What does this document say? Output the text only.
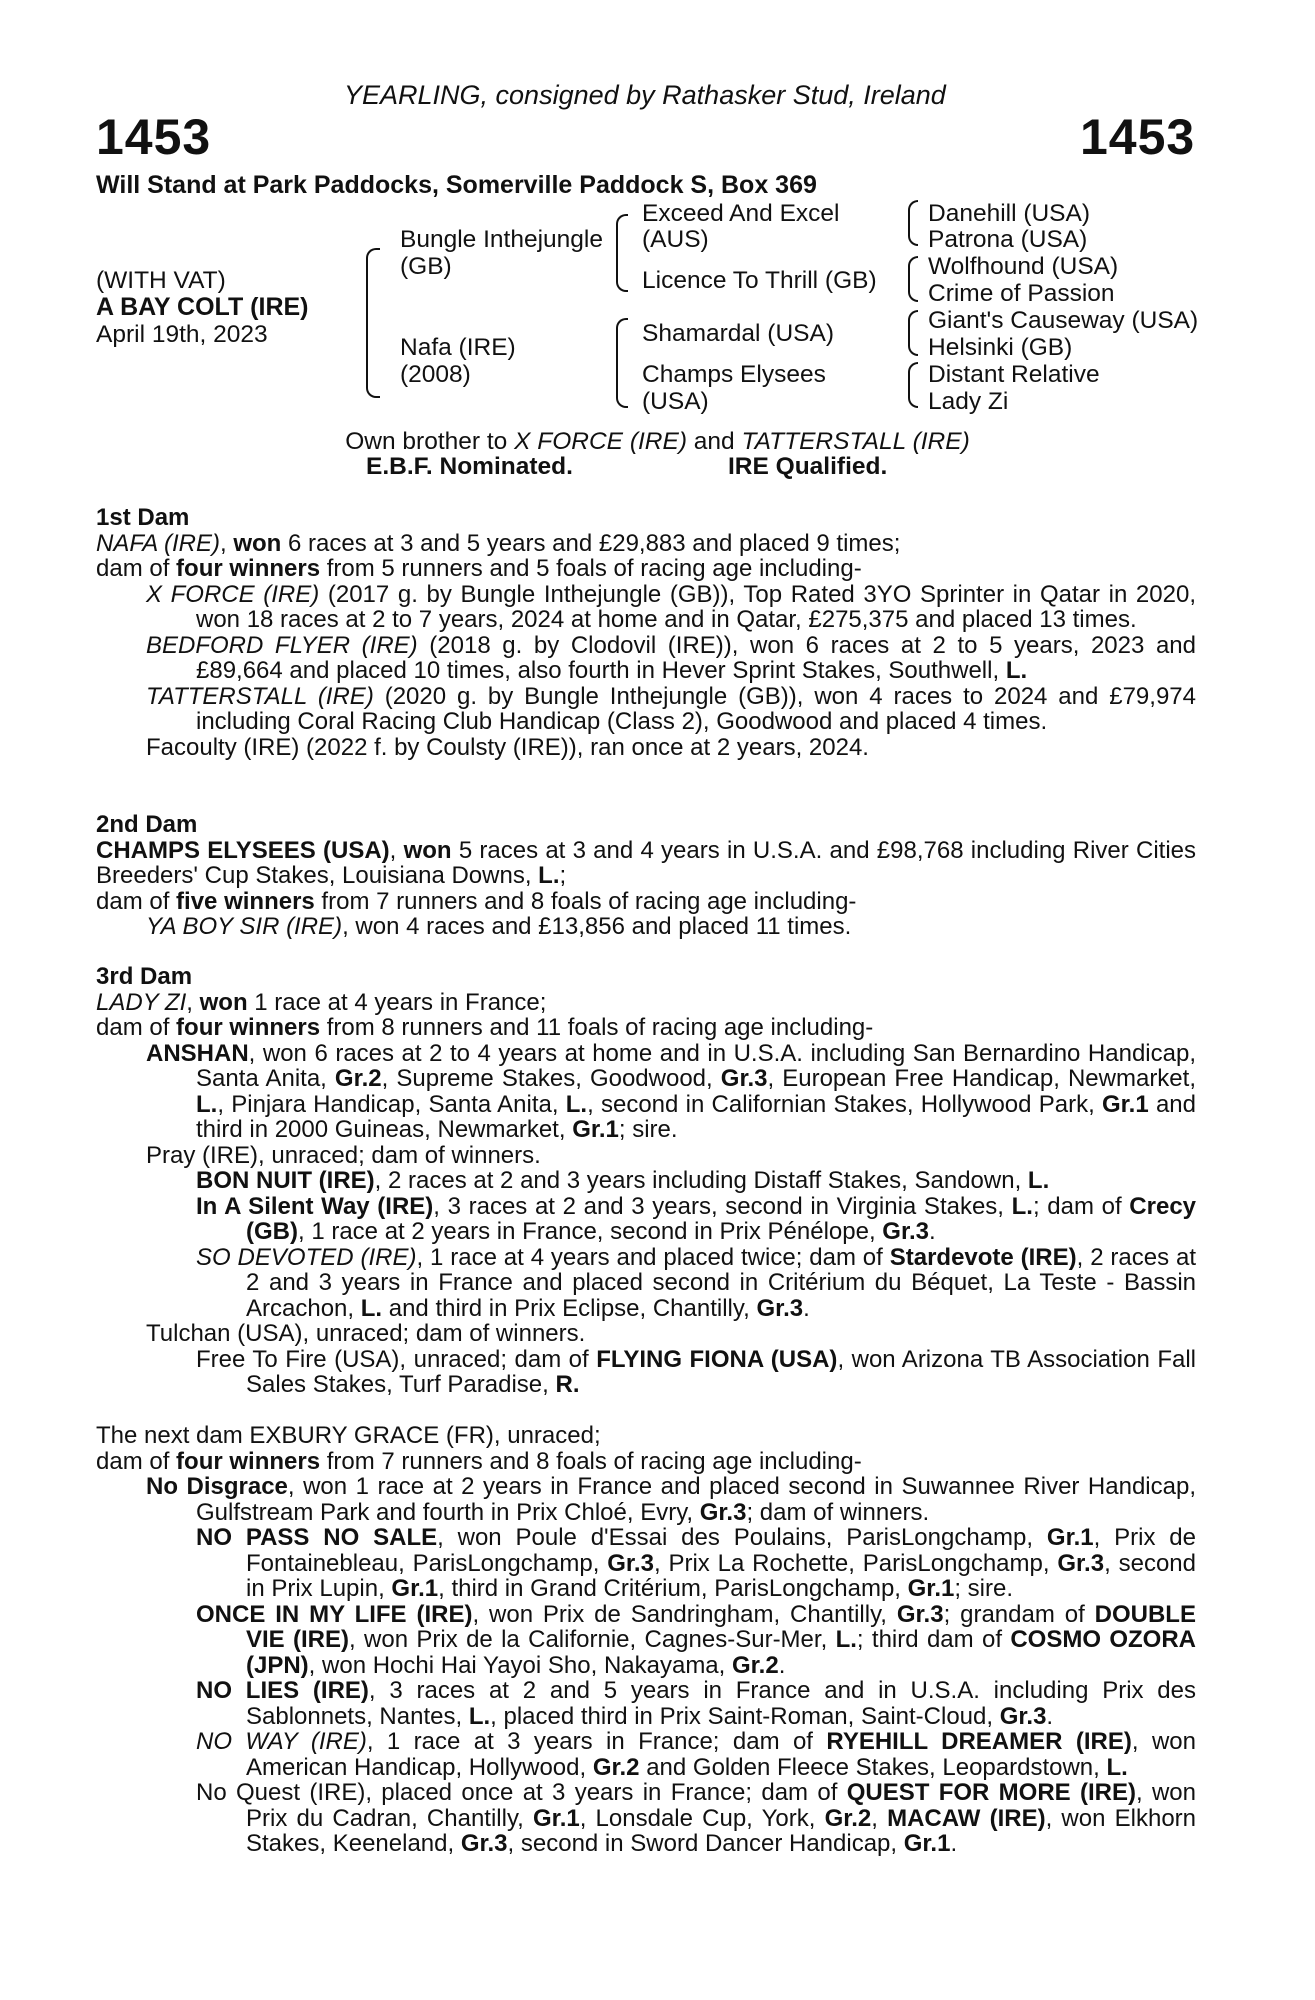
YEARLING, consigned by Rathasker Stud, Ireland
1453	1453
Will Stand at Park Paddocks, Somerville Paddock S, Box 369
(WITH VAT)
A BAY COLT (IRE)
April 19th, 2023
Bungle Inthejungle
(GB)
Nafa (IRE)
(2008)
Exceed And Excel
(AUS)
Licence To Thrill (GB)
Shamardal (USA)
Champs Elysees
(USA)
Danehill (USA)
Patrona (USA)
Wolfhound (USA)
Crime of Passion
Giant's Causeway (USA)
Helsinki (GB)
Distant Relative
Lady Zi
Own brother to X FORCE (IRE) and TATTERSTALL (IRE)
E.B.F. Nominated.	IRE Qualified.

1st Dam

NAFA (IRE), won 6 races at 3 and 5 years and £29,883 and placed 9 times;

dam of four winners from 5 runners and 5 foals of racing age including-

X FORCE (IRE) (2017 g. by Bungle Inthejungle (GB)), Top Rated 3YO Sprinter in Qatar in 2020, won 18 races at 2 to 7 years, 2024 at home and in Qatar, £275,375 and placed 13 times.

BEDFORD FLYER (IRE) (2018 g. by Clodovil (IRE)), won 6 races at 2 to 5 years, 2023 and £89,664 and placed 10 times, also fourth in Hever Sprint Stakes, Southwell, L.

TATTERSTALL (IRE) (2020 g. by Bungle Inthejungle (GB)), won 4 races to 2024 and £79,974 including Coral Racing Club Handicap (Class 2), Goodwood and placed 4 times.

Facoulty (IRE) (2022 f. by Coulsty (IRE)), ran once at 2 years, 2024.

2nd Dam

CHAMPS ELYSEES (USA), won 5 races at 3 and 4 years in U.S.A. and £98,768 including River Cities Breeders' Cup Stakes, Louisiana Downs, L.;

dam of five winners from 7 runners and 8 foals of racing age including-

YA BOY SIR (IRE), won 4 races and £13,856 and placed 11 times.

3rd Dam

LADY ZI, won 1 race at 4 years in France;

dam of four winners from 8 runners and 11 foals of racing age including-

ANSHAN, won 6 races at 2 to 4 years at home and in U.S.A. including San Bernardino Handicap, Santa Anita, Gr.2, Supreme Stakes, Goodwood, Gr.3, European Free Handicap, Newmarket, L., Pinjara Handicap, Santa Anita, L., second in Californian Stakes, Hollywood Park, Gr.1 and third in 2000 Guineas, Newmarket, Gr.1; sire.

Pray (IRE), unraced; dam of winners.

BON NUIT (IRE), 2 races at 2 and 3 years including Distaff Stakes, Sandown, L.

In A Silent Way (IRE), 3 races at 2 and 3 years, second in Virginia Stakes, L.; dam of Crecy (GB), 1 race at 2 years in France, second in Prix Pénélope, Gr.3.

SO DEVOTED (IRE), 1 race at 4 years and placed twice; dam of Stardevote (IRE), 2 races at 2 and 3 years in France and placed second in Critérium du Béquet, La Teste - Bassin Arcachon, L. and third in Prix Eclipse, Chantilly, Gr.3.

Tulchan (USA), unraced; dam of winners.

Free To Fire (USA), unraced; dam of FLYING FIONA (USA), won Arizona TB Association Fall Sales Stakes, Turf Paradise, R.

The next dam EXBURY GRACE (FR), unraced;

dam of four winners from 7 runners and 8 foals of racing age including-

No Disgrace, won 1 race at 2 years in France and placed second in Suwannee River Handicap, Gulfstream Park and fourth in Prix Chloé, Evry, Gr.3; dam of winners.

NO PASS NO SALE, won Poule d'Essai des Poulains, ParisLongchamp, Gr.1, Prix de Fontainebleau, ParisLongchamp, Gr.3, Prix La Rochette, ParisLongchamp, Gr.3, second in Prix Lupin, Gr.1, third in Grand Critérium, ParisLongchamp, Gr.1; sire.

ONCE IN MY LIFE (IRE), won Prix de Sandringham, Chantilly, Gr.3; grandam of DOUBLE VIE (IRE), won Prix de la Californie, Cagnes-Sur-Mer, L.; third dam of COSMO OZORA (JPN), won Hochi Hai Yayoi Sho, Nakayama, Gr.2.

NO LIES (IRE), 3 races at 2 and 5 years in France and in U.S.A. including Prix des Sablonnets, Nantes, L., placed third in Prix Saint-Roman, Saint-Cloud, Gr.3.

NO WAY (IRE), 1 race at 3 years in France; dam of RYEHILL DREAMER (IRE), won American Handicap, Hollywood, Gr.2 and Golden Fleece Stakes, Leopardstown, L.

No Quest (IRE), placed once at 3 years in France; dam of QUEST FOR MORE (IRE), won Prix du Cadran, Chantilly, Gr.1, Lonsdale Cup, York, Gr.2, MACAW (IRE), won Elkhorn Stakes, Keeneland, Gr.3, second in Sword Dancer Handicap, Gr.1.
